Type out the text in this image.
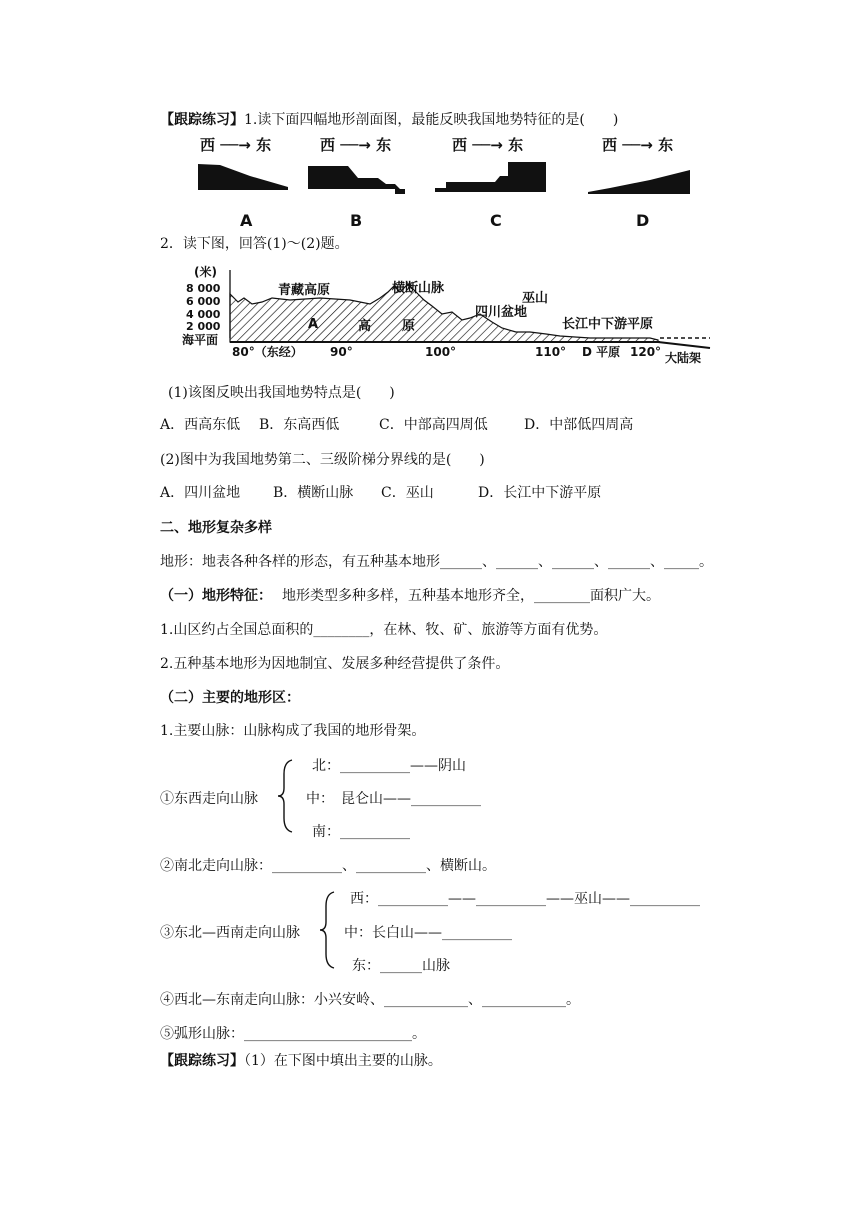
【跟踪练习】1.读下面四幅地形剖面图，最能反映我国地势特征的是(　　)
西 ──→ 东
A
西 ──→ 东
B
西 ──→ 东
C
西 ──→ 东
D
2．读下图，回答(1)～(2)题。
(米)
8 000
6 000
4 000
2 000
海平面
青藏高原	横断山脉
四川盆地
巫山
长江中下游平原
A	高 原
80°（东经） 90°	100°	110° D 平原 120° 大陆架
(1)该图反映出我国地势特点是(　　)
A．西高东低 B．东高西低	C．中部高四周低	D．中部低四周高
(2)图中为我国地势第二、三级阶梯分界线的是(　　)
A．四川盆地 B．横断山脉 C．巫山	D．长江中下游平原
二、地形复杂多样
地形：地表各种各样的形态，有五种基本地形______、______、______、______、_____。
（一）地形特征： 地形类型多种多样，五种基本地形齐全，________面积广大。
1.山区约占全国总面积的________，在林、牧、矿、旅游等方面有优势。
2.五种基本地形为因地制宜、发展多种经营提供了条件。
（二）主要的地形区：
1.主要山脉：山脉构成了我国的地形骨架。
①东西走向山脉
北：__________——阴山
中：　昆仑山——__________
南：__________
②南北走向山脉：__________、__________、横断山。
③东北—西南走向山脉
西：__________——__________——巫山——__________
中：长白山——__________
东：______山脉
④西北—东南走向山脉：小兴安岭、____________、____________。
⑤弧形山脉：________________________。
【跟踪练习】（1）在下图中填出主要的山脉。
